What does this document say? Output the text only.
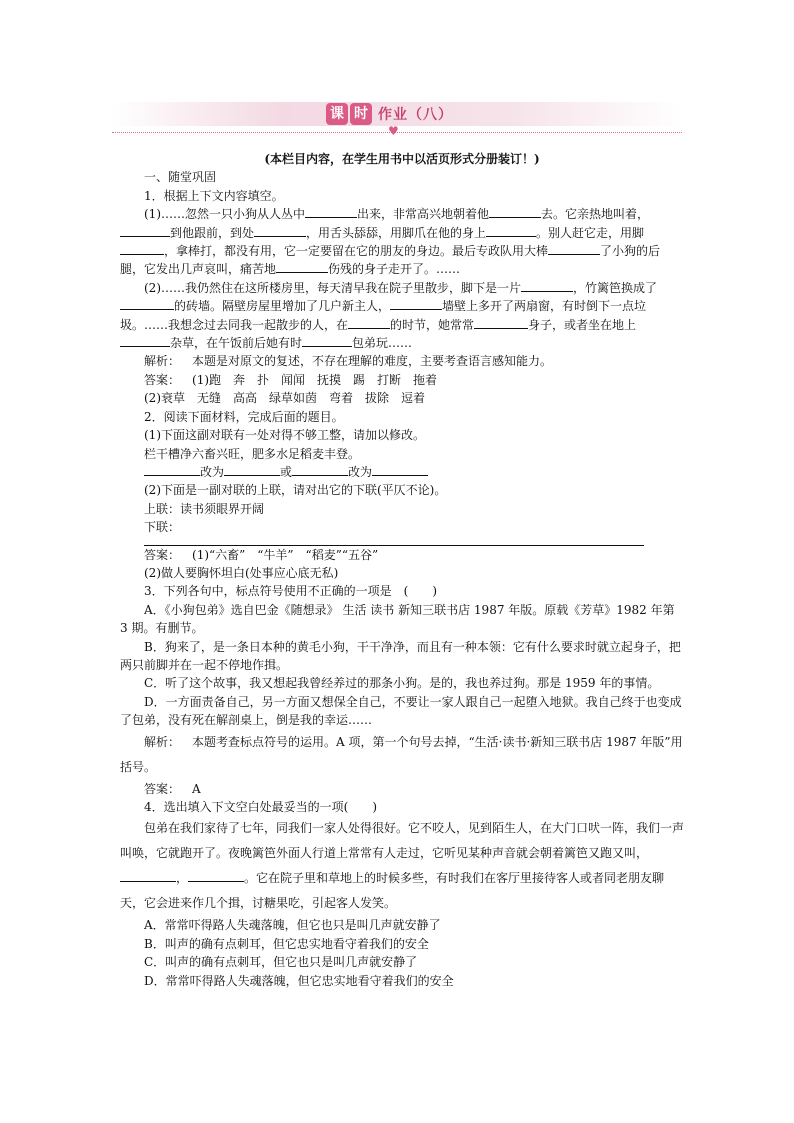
课 时 作业（八）
♥

(本栏目内容，在学生用书中以活页形式分册装订！)

一、随堂巩固

1．根据上下文内容填空。

(1)……忽然一只小狗从人丛中	出来，非常高兴地朝着他	去。它亲热地叫着，到他跟前，到处	，用舌头舔舔，用脚爪在他的身上	。别人赶它走，用脚，拿棒打，都没有用，它一定要留在它的朋友的身边。最后专政队用大棒	了小狗的后腿，它发出几声哀叫，痛苦地	伤残的身子走开了。……

(2)……我仍然住在这所楼房里，每天清早我在院子里散步，脚下是一片	，竹篱笆换成了的砖墙。隔壁房屋里增加了几户新主人，	墙壁上多开了两扇窗，有时倒下一点垃圾。……我想念过去同我一起散步的人，在	的时节，她常常	身子，或者坐在地上杂草，在午饭前后她有时	包弟玩……

解析：  本题是对原文的复述，不存在理解的难度，主要考查语言感知能力。

答案：  (1)跑　奔　扑　闻闻　抚摸　踢　打断　拖着

(2)衰草　无缝　高高　绿草如茵　弯着　拔除　逗着

2．阅读下面材料，完成后面的题目。

(1)下面这副对联有一处对得不够工整，请加以修改。

栏干槽净六畜兴旺，肥多水足稻麦丰登。

改为	或	改为

(2)下面是一副对联的上联，请对出它的下联(平仄不论)。

上联：读书须眼界开阔

下联：

答案：  (1)“六畜”　“牛羊”　“稻麦”“五谷”

(2)做人要胸怀坦白(处事应心底无私)

3．下列各句中，标点符号使用不正确的一项是　(　　)

A．《小狗包弟》选自巴金《随想录》 生活 读书 新知三联书店 1987 年版。原载《芳草》1982 年第 3 期。有删节。

B．狗来了，是一条日本种的黄毛小狗，干干净净，而且有一种本领：它有什么要求时就立起身子，把两只前脚并在一起不停地作揖。

C．听了这个故事，我又想起我曾经养过的那条小狗。是的，我也养过狗。那是 1959 年的事情。

D．一方面责备自己，另一方面又想保全自己，不要让一家人跟自己一起堕入地狱。我自己终于也变成了包弟，没有死在解剖桌上，倒是我的幸运……

解析：  本题考查标点符号的运用。A 项，第一个句号去掉，“生活·读书·新知三联书店 1987 年版”用括号。

答案：  A

4．选出填入下文空白处最妥当的一项(　　)

包弟在我们家待了七年，同我们一家人处得很好。它不咬人，见到陌生人，在大门口吠一阵，我们一声叫唤，它就跑开了。夜晚篱笆外面人行道上常常有人走过，它听见某种声音就会朝着篱笆又跑又叫，，	。它在院子里和草地上的时候多些，有时我们在客厅里接待客人或者同老朋友聊天，它会进来作几个揖，讨糖果吃，引起客人发笑。

A．常常吓得路人失魂落魄，但它也只是叫几声就安静了

B．叫声的确有点刺耳，但它忠实地看守着我们的安全

C．叫声的确有点刺耳，但它也只是叫几声就安静了

D．常常吓得路人失魂落魄，但它忠实地看守着我们的安全
